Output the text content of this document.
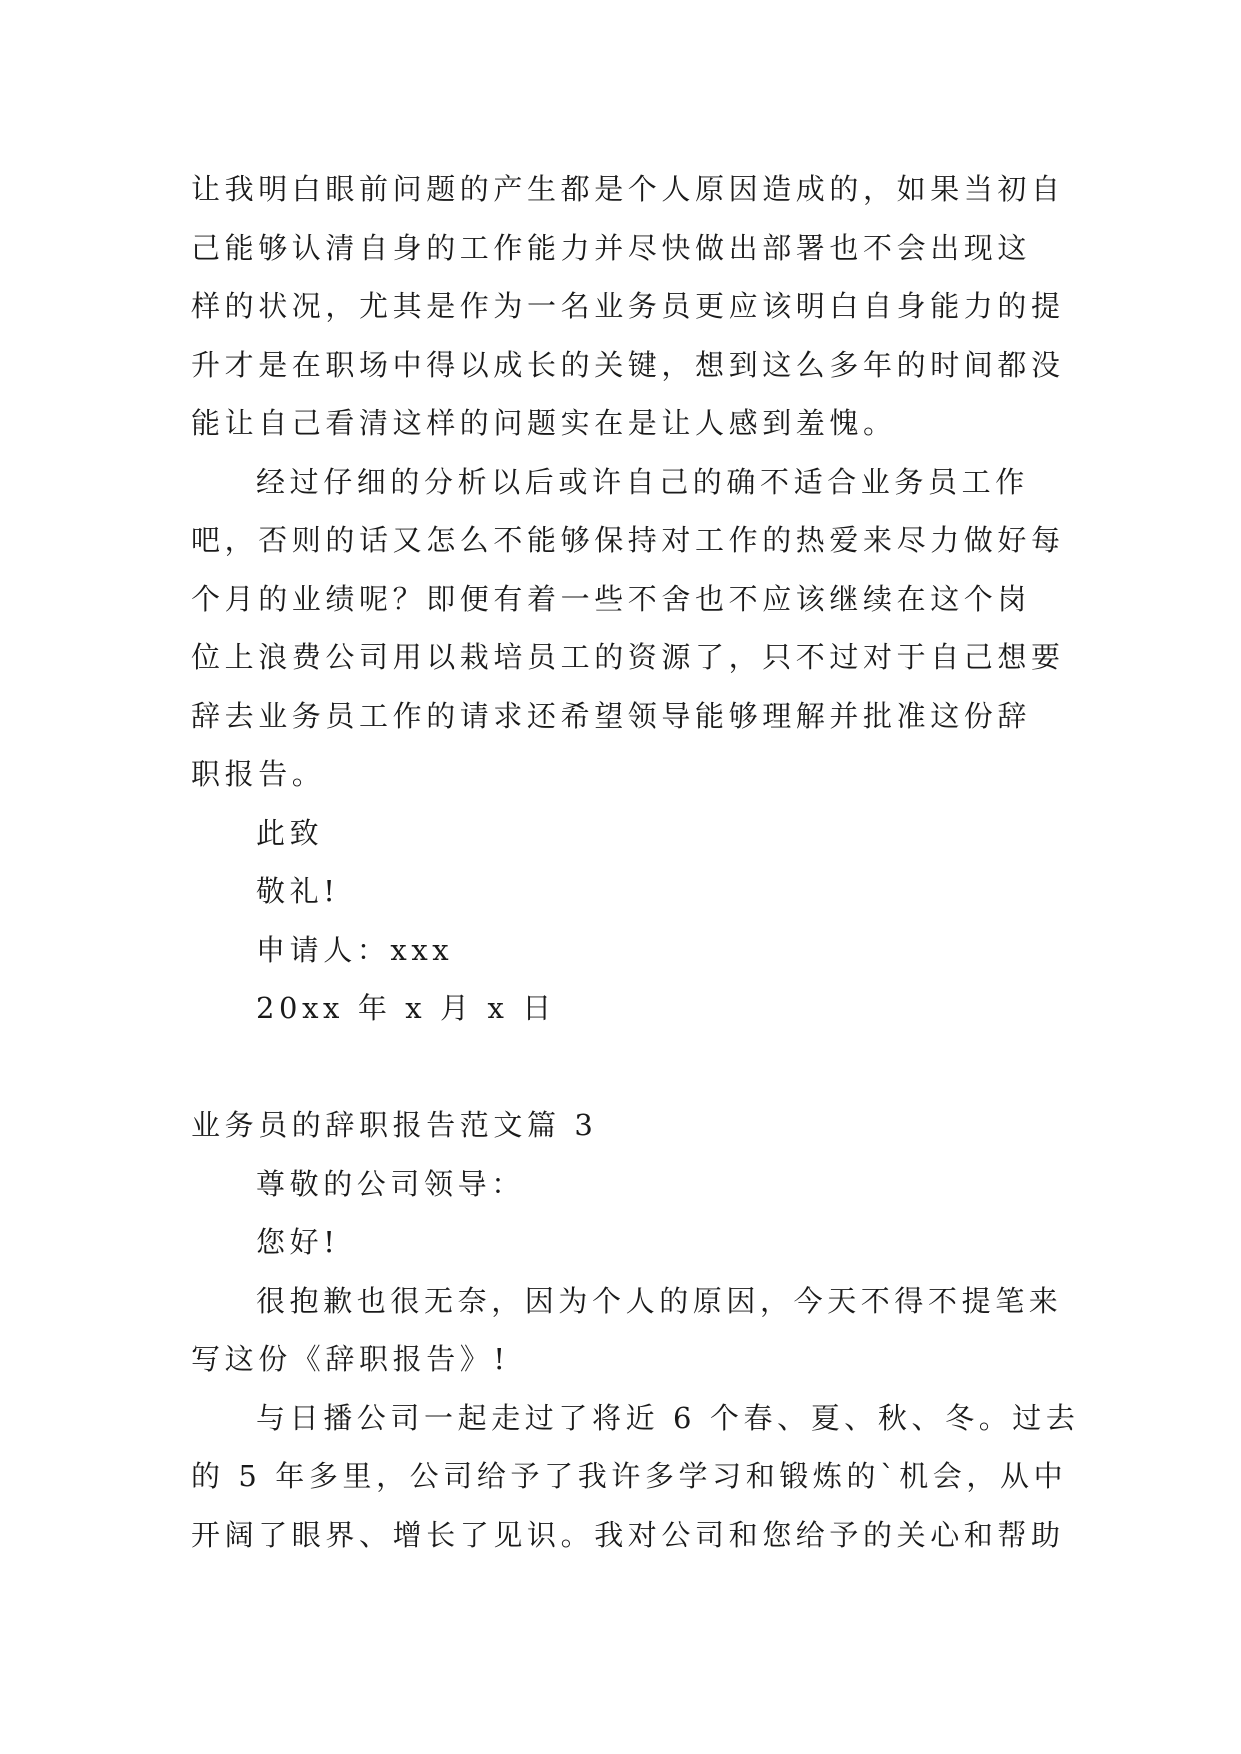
让我明白眼前问题的产生都是个人原因造成的，如果当初自

己能够认清自身的工作能力并尽快做出部署也不会出现这

样的状况，尤其是作为一名业务员更应该明白自身能力的提

升才是在职场中得以成长的关键，想到这么多年的时间都没

能让自己看清这样的问题实在是让人感到羞愧。

经过仔细的分析以后或许自己的确不适合业务员工作

吧，否则的话又怎么不能够保持对工作的热爱来尽力做好每

个月的业绩呢？即便有着一些不舍也不应该继续在这个岗

位上浪费公司用以栽培员工的资源了，只不过对于自己想要

辞去业务员工作的请求还希望领导能够理解并批准这份辞

职报告。

此致

敬礼!

申请人：xxx

20xx 年 x 月 x 日

业务员的辞职报告范文篇 3

尊敬的公司领导：

您好!

很抱歉也很无奈，因为个人的原因，今天不得不提笔来

写这份《辞职报告》!

与日播公司一起走过了将近 6 个春、夏、秋、冬。过去

的 5 年多里，公司给予了我许多学习和锻炼的`机会，从中

开阔了眼界、增长了见识。我对公司和您给予的关心和帮助
